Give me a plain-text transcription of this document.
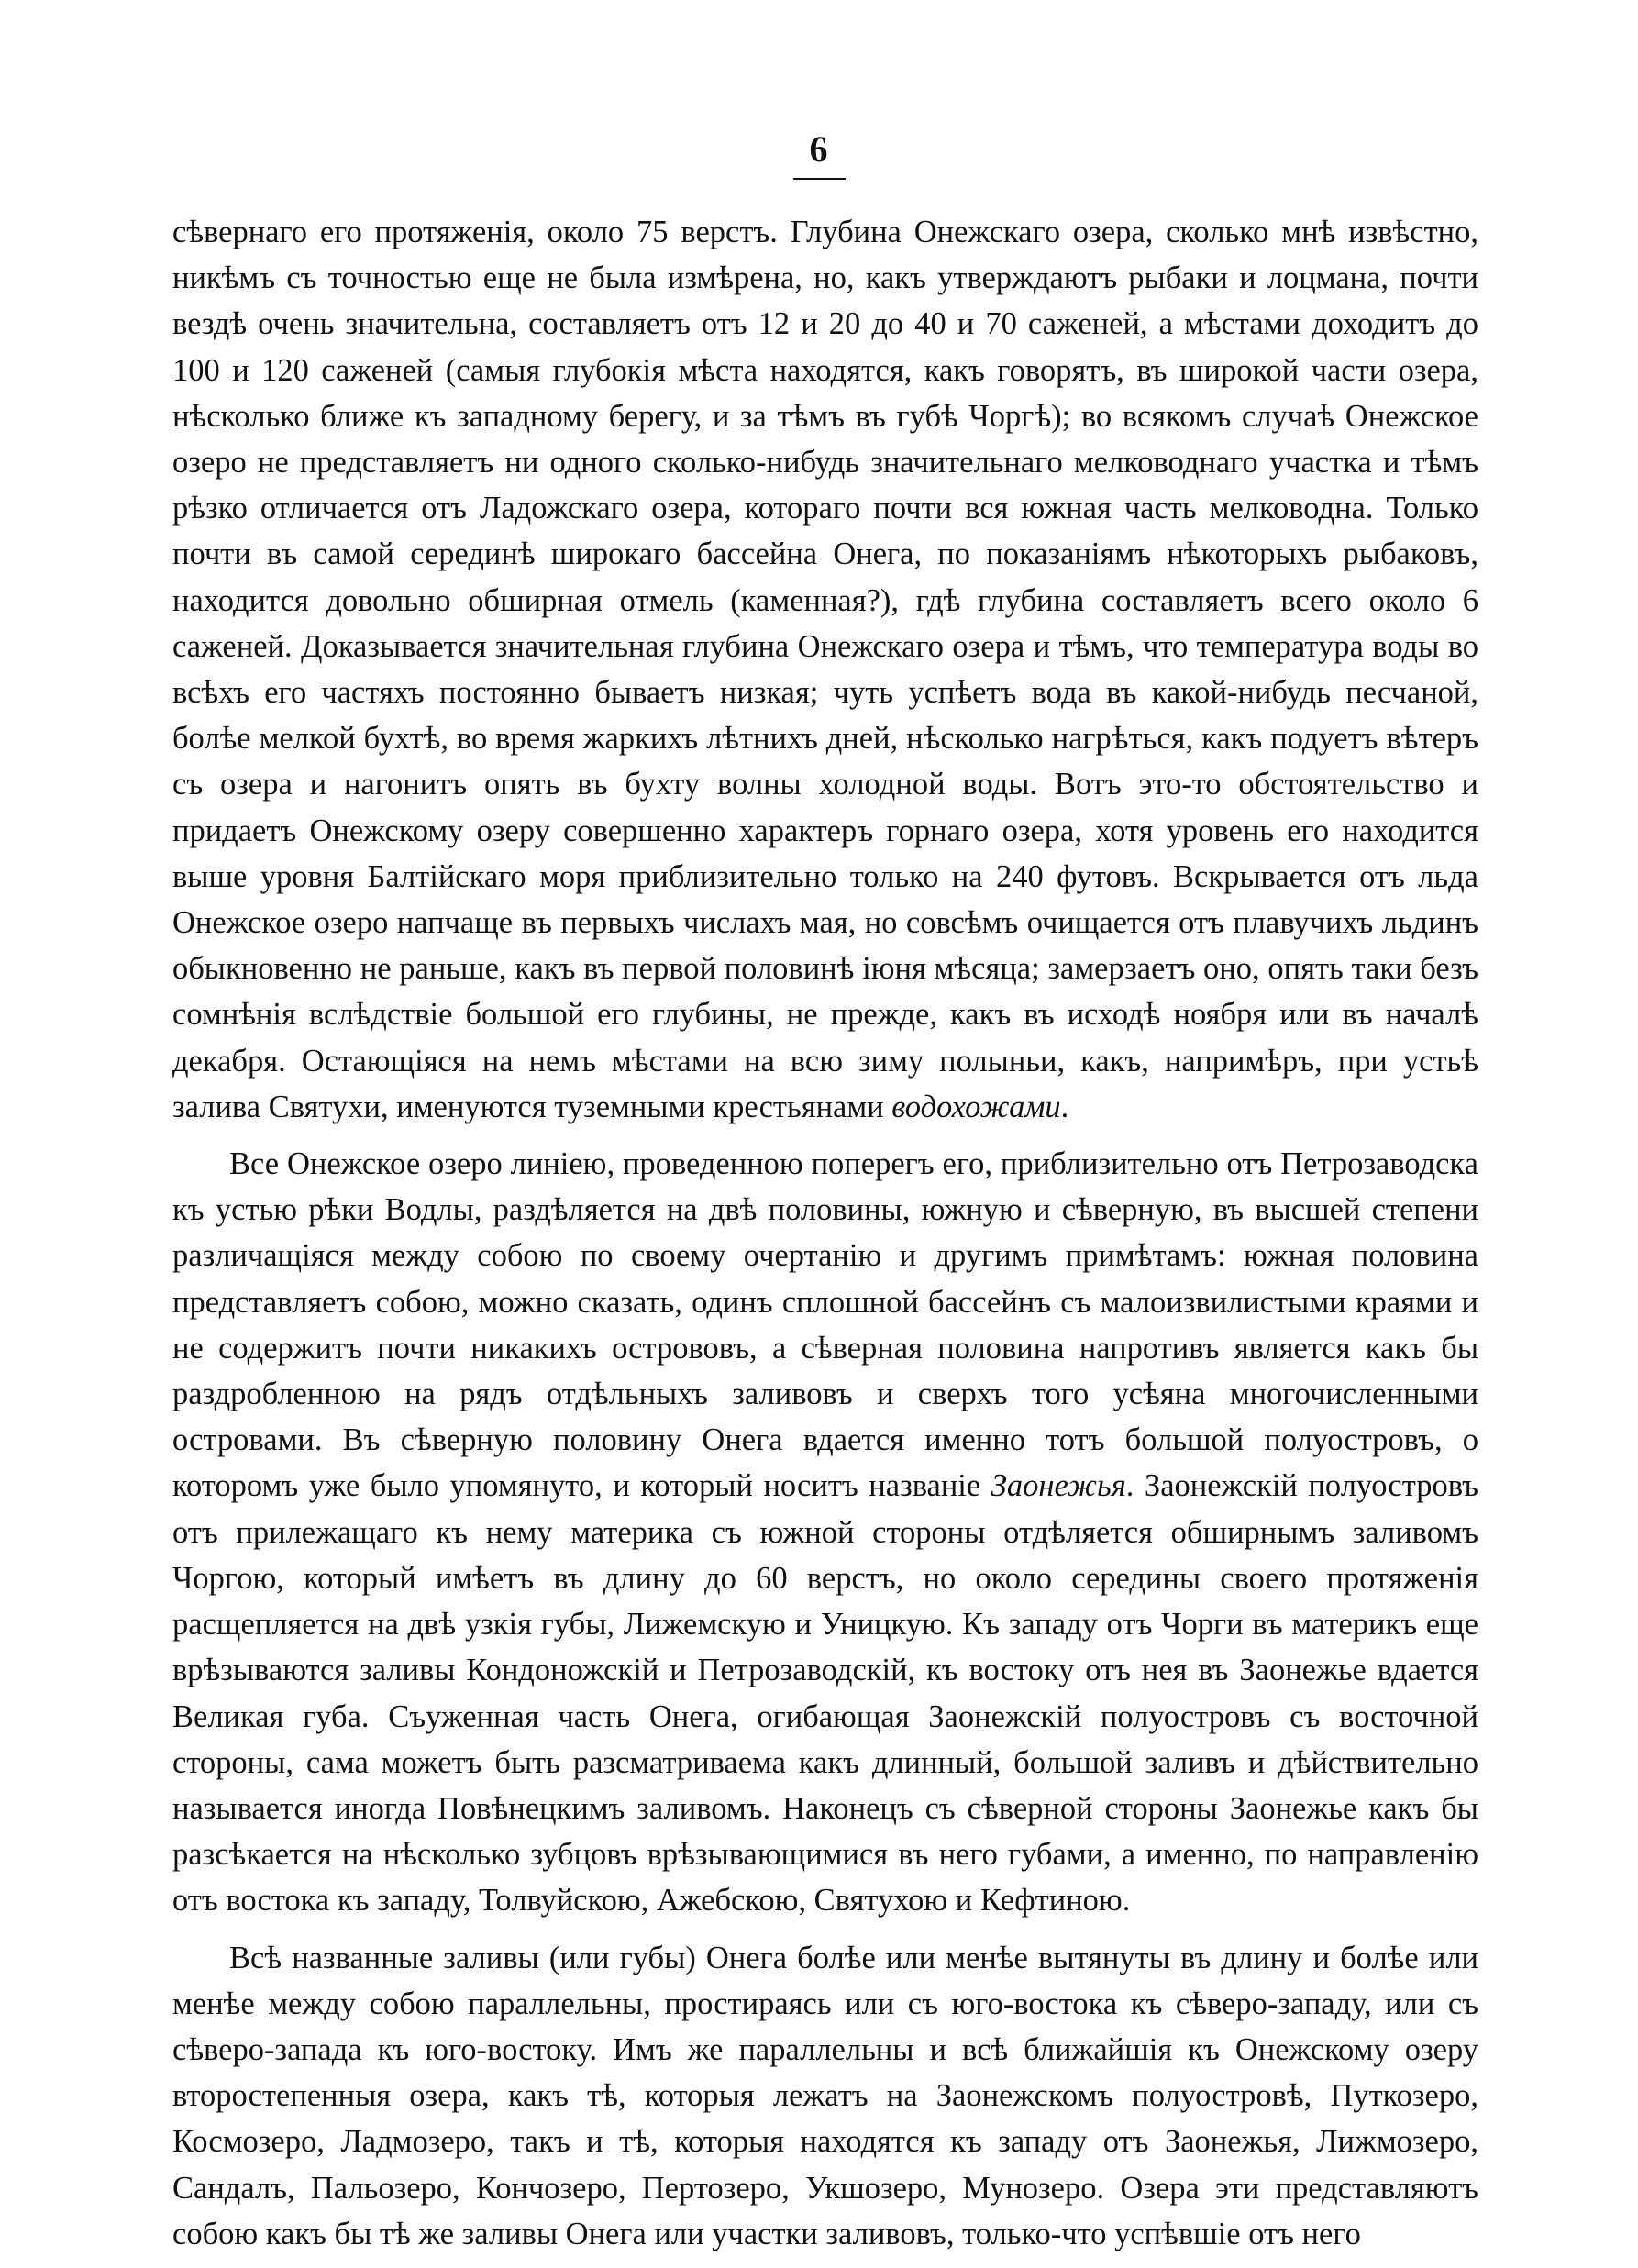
6

сѣвернаго его протяженія, около 75 верстъ. Глубина Онежскаго озера, сколько мнѣ извѣстно, никѣмъ съ точностью еще не была измѣрена, но, какъ утверждаютъ рыбаки и лоцмана, почти вездѣ очень значительна, составляетъ отъ 12 и 20 до 40 и 70 саженей, а мѣстами доходитъ до 100 и 120 саженей (самыя глубокія мѣста находятся, какъ говорятъ, въ широкой части озера, нѣсколько ближе къ западному берегу, и за тѣмъ въ губѣ Чоргѣ); во всякомъ случаѣ Онежское озеро не представляетъ ни одного сколько-нибудь значительнаго мелководнаго участка и тѣмъ рѣзко отличается отъ Ладожскаго озера, котораго почти вся южная часть мелководна. Только почти въ самой серединѣ широкаго бассейна Онега, по показаніямъ нѣкоторыхъ рыбаковъ, находится довольно обширная отмель (каменная?), гдѣ глубина составляетъ всего около 6 саженей. Доказывается значительная глубина Онежскаго озера и тѣмъ, что температура воды во всѣхъ его частяхъ постоянно бываетъ низкая; чуть успѣетъ вода въ какой-нибудь песчаной, болѣе мелкой бухтѣ, во время жаркихъ лѣтнихъ дней, нѣсколько нагрѣться, какъ подуетъ вѣтеръ съ озера и нагонитъ опять въ бухту волны холодной воды. Вотъ это-то обстоятельство и придаетъ Онежскому озеру совершенно характеръ горнаго озера, хотя уровень его находится выше уровня Балтійскаго моря приблизительно только на 240 футовъ. Вскрывается отъ льда Онежское озеро напчаще въ первыхъ числахъ мая, но совсѣмъ очищается отъ плавучихъ льдинъ обыкновенно не раньше, какъ въ первой половинѣ іюня мѣсяца; замерзаетъ оно, опять таки безъ сомнѣнія вслѣдствіе большой его глубины, не прежде, какъ въ исходѣ ноября или въ началѣ декабря. Остающіяся на немъ мѣстами на всю зиму полыньи, какъ, напримѣръ, при устьѣ залива Святухи, именуются туземными крестьянами водохожами.

Все Онежское озеро линіею, проведенною поперегъ его, приблизительно отъ Петрозаводска къ устью рѣки Водлы, раздѣляется на двѣ половины, южную и сѣверную, въ высшей степени различащіяся между собою по своему очертанію и другимъ примѣтамъ: южная половина представляетъ собою, можно сказать, одинъ сплошной бассейнъ съ малоизвилистыми краями и не содержитъ почти никакихъ острововъ, а сѣверная половина напротивъ является какъ бы раздробленною на рядъ отдѣльныхъ заливовъ и сверхъ того усѣяна многочисленными островами. Въ сѣверную половину Онега вдается именно тотъ большой полуостровъ, о которомъ уже было упомянуто, и который носитъ названіе Заонежья. Заонежскій полуостровъ отъ прилежащаго къ нему материка съ южной стороны отдѣляется обширнымъ заливомъ Чоргою, который имѣетъ въ длину до 60 верстъ, но около середины своего протяженія расщепляется на двѣ узкія губы, Лижемскую и Уницкую. Къ западу отъ Чорги въ материкъ еще врѣзываются заливы Кондоножскій и Петрозаводскій, къ востоку отъ нея въ Заонежье вдается Великая губа. Съуженная часть Онега, огибающая Заонежскій полуостровъ съ восточной стороны, сама можетъ быть разсматриваема какъ длинный, большой заливъ и дѣйствительно называется иногда Повѣнецкимъ заливомъ. Наконецъ съ сѣверной стороны Заонежье какъ бы разсѣкается на нѣсколько зубцовъ врѣзывающимися въ него губами, а именно, по направленію отъ востока къ западу, Толвуйскою, Ажебскою, Святухою и Кефтиною.

Всѣ названные заливы (или губы) Онега болѣе или менѣе вытянуты въ длину и болѣе или менѣе между собою параллельны, простираясь или съ юго-востока къ сѣверо-западу, или съ сѣверо-запада къ юго-востоку. Имъ же параллельны и всѣ ближайшія къ Онежскому озеру второстепенныя озера, какъ тѣ, которыя лежатъ на Заонежскомъ полуостровѣ, Путкозеро, Космозеро, Ладмозеро, такъ и тѣ, которыя находятся къ западу отъ Заонежья, Лижмозеро, Сандалъ, Пальозеро, Кончозеро, Пертозеро, Укшозеро, Мунозеро. Озера эти представляютъ собою какъ бы тѣ же заливы Онега или участки заливовъ, только-что успѣвшіе отъ него
